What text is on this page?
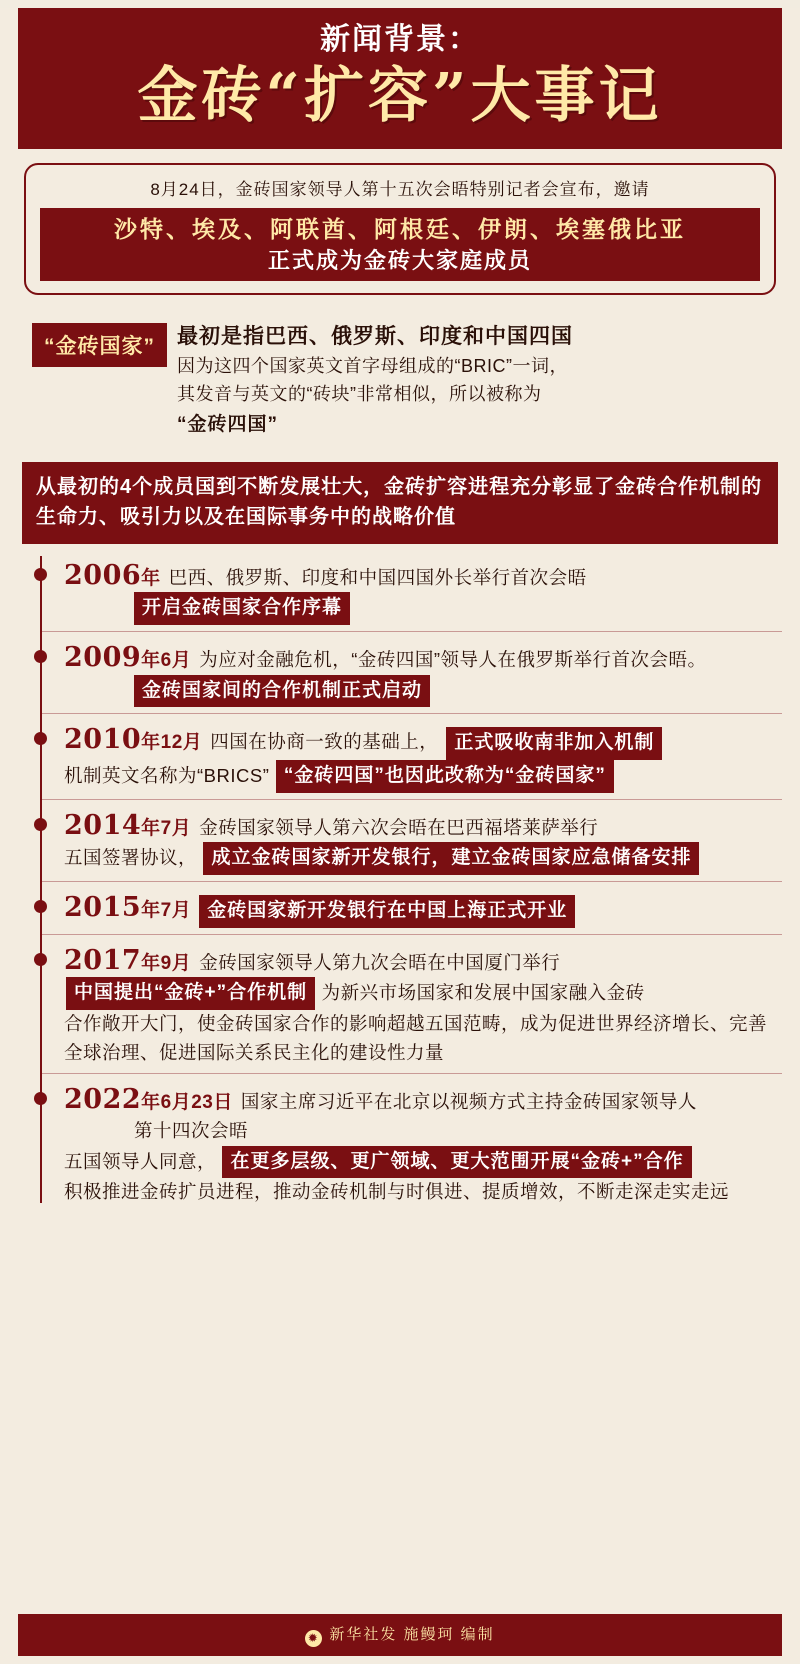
新闻背景：
金砖“扩容”大事记
8月24日，金砖国家领导人第十五次会晤特别记者会宣布，邀请
沙特、埃及、阿联酋、阿根廷、伊朗、埃塞俄比亚
正式成为金砖大家庭成员
“金砖国家”	最初是指巴西、俄罗斯、印度和中国四国
因为这四个国家英文首字母组成的“BRIC”一词，
其发音与英文的“砖块”非常相似，所以被称为
“金砖四国”
从最初的4个成员国到不断发展壮大，金砖扩容进程充分彰显了金砖合作机制的生命力、吸引力以及在国际事务中的战略价值
2006年 巴西、俄罗斯、印度和中国四国外长举行首次会晤
开启金砖国家合作序幕
2009年6月 为应对金融危机，“金砖四国”领导人在俄罗斯举行首次会晤。
金砖国家间的合作机制正式启动
2010年12月 四国在协商一致的基础上， 正式吸收南非加入机制
机制英文名称为“BRICS” “金砖四国”也因此改称为“金砖国家”
2014年7月 金砖国家领导人第六次会晤在巴西福塔莱萨举行
五国签署协议， 成立金砖国家新开发银行，建立金砖国家应急储备安排
2015年7月 金砖国家新开发银行在中国上海正式开业
2017年9月 金砖国家领导人第九次会晤在中国厦门举行
中国提出“金砖+”合作机制 为新兴市场国家和发展中国家融入金砖
合作敞开大门，使金砖国家合作的影响超越五国范畴，成为促进世界经济增长、完善全球治理、促进国际关系民主化的建设性力量
2022年6月23日 国家主席习近平在北京以视频方式主持金砖国家领导人
第十四次会晤
五国领导人同意， 在更多层级、更广领域、更大范围开展“金砖+”合作
积极推进金砖扩员进程，推动金砖机制与时俱进、提质增效，不断走深走实走远
✹ 新华社发 施鳗珂 编制
